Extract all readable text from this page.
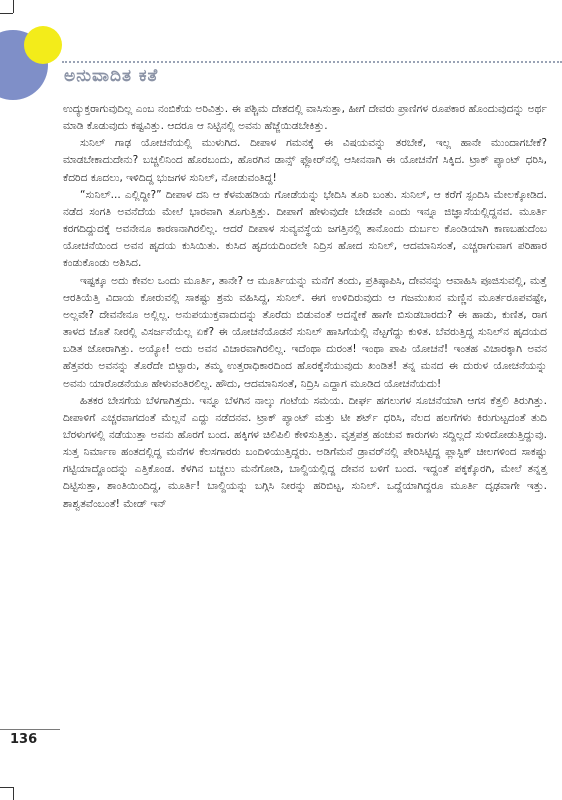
ಅನುವಾದಿತ ಕತೆ

ಉದ್ಯುಕ್ತರಾಗುವುದಿಲ್ಲ ಎಂಬ ನಂಬಿಕೆಯ ಅರಿವಿತ್ತು. ಈ ಪಶ್ಚಿಮ ದೇಶದಲ್ಲಿ ವಾಸಿಸುತ್ತಾ, ಹೀಗೆ ದೇವರು ಪ್ರಾಣಿಗಳ ರೂಪಕಾರ ಹೊಂದುವುದನ್ನು ಅರ್ಥ ಮಾಡಿ ಕೊಡುವುದು ಕಷ್ಟವಿತ್ತು. ಆದರೂ ಆ ನಿಟ್ಟಿನಲ್ಲಿ ಅವನು ಹೆಜ್ಜೆಯಿಡಬೇಕಿತ್ತು.

ಸುನಿಲ್ ಗಾಢ ಯೋಚನೆಯಲ್ಲಿ ಮುಳುಗಿದ. ದೀಪಾಳ ಗಮನಕ್ಕೆ ಈ ವಿಷಯವನ್ನು ತರಬೇಕೆ, ಇಲ್ಲ ಹಾನೇ ಮುಂದಾಗಬೇಕೆ? ಮಾಡಬೇಕಾದುದೇನು? ಬಚ್ಚಲಿನಿಂದ ಹೊರಬಂದು, ಹೊರಗಿನ ಡಾನ್ಸ್ ಫ್ಲೋರ್‌ನಲ್ಲಿ ಆಸೀನನಾಗಿ ಈ ಯೋಚನೆಗೆ ಸಿಕ್ಕಿದ. ಟ್ರಾಕ್ ಪ್ಯಾಂಟ್ ಧರಿಸಿ, ಕೆದರಿದ ಕೂದಲು, ಇಳಿದಿದ್ದ ಭುಜಗಳ ಸುನಿಲ್, ನೋಡುವಂತಿದ್ದ!

“ಸುನಿಲ್... ಎಲ್ಲಿದ್ದೀ?” ದೀಪಾಳ ದನಿ ಆ ಕೆಳಮಹಡಿಯ ಗೋಡೆಯನ್ನು ಭೇದಿಸಿ ತೂರಿ ಬಂತು. ಸುನಿಲ್, ಆ ಕರೆಗೆ ಸ್ಪಂದಿಸಿ ಮೇಲಕ್ಕೋಡಿದ. ನಡೆದ ಸಂಗತಿ ಅವನೆದೆಯ ಮೇಲೆ ಭಾರವಾಗಿ ತೂಗುತ್ತಿತ್ತು. ದೀಪಾಗೆ ಹೇಳುವುದೇ ಬೇಡವೇ ಎಂದು ಇನ್ನೂ ಜಿಜ್ಞಾಸೆಯಲ್ಲಿದ್ದನವ. ಮೂರ್ತಿ ಕರಗದಿದ್ದುದಕ್ಕೆ ಅವನೇನೂ ಕಾರಣನಾಗಿರಲಿಲ್ಲ. ಆದರೆ ದೀಪಾಳ ಸುವ್ಯವಸ್ಥೆಯ ಜಗತ್ತಿನಲ್ಲಿ ತಾನೊಂದು ದುರ್ಬಲ ಕೊಂಡಿಯಾಗಿ ಕಾಣಬಹುದೆಂಬ ಯೋಚನೆಯಿಂದ ಅವನ ಹೃದಯ ಕುಸಿಯಿತು. ಕುಸಿದ ಹೃದಯದಿಂದಲೇ ನಿದ್ರಿಸ ಹೋದ ಸುನಿಲ್, ಆದಮಾನಿಸಂತೆ, ಎಚ್ಚರಾಗುವಾಗ ಪರಿಹಾರ ಕಂಡುಕೊಂಡು ಅಶಿಸಿದ.

ಇಷ್ಟಕ್ಕೂ ಅದು ಕೇವಲ ಒಂದು ಮೂರ್ತಿ, ತಾನೇ? ಆ ಮೂರ್ತಿಯನ್ನು ಮನೆಗೆ ತಂದು, ಪ್ರತಿಷ್ಠಾಪಿಸಿ, ದೇವನನ್ನು ಆವಾಹಿಸಿ ಪೂಜಿಸುವಲ್ಲಿ, ಮತ್ತೆ ಆರತಿಯೆತ್ತಿ ವಿದಾಯ ಕೋರುವಲ್ಲಿ ಸಾಕಷ್ಟು ಶ್ರಮ ವಹಿಸಿದ್ದ, ಸುನಿಲ್. ಈಗ ಉಳಿದಿರುವುದು ಆ ಗಜಮುಖನ ಮಣ್ಣಿನ ಮೂರ್ತರೂಪವಷ್ಟೇ, ಅಲ್ಲವೇ? ದೇವನೇನೂ ಅಲ್ಲಿಲ್ಲ. ಅನುಪಯುಕ್ತವಾದುದನ್ನು ತೊರೆದು ಬಿಡುವಂತೆ ಅದನ್ನೇಕೆ ಹಾಗೇ ಬಿಸುಡಬಾರದು? ಈ ಹಾಡು, ಕುಣಿತ, ರಾಗ ತಾಳದ ಜೊತೆ ನೀರಲ್ಲಿ ವಿಸರ್ಜನೆಯೆಲ್ಲ ಏಕೆ? ಈ ಯೋಚನೆಯೊಡನೆ ಸುನಿಲ್ ಹಾಸಿಗೆಯಲ್ಲಿ ನೆಟ್ಟಗೆದ್ದು ಕುಳಿತ. ಬೆವರುತ್ತಿದ್ದ ಸುನಿಲ್‌ನ ಹೃದಯದ ಬಡಿತ ಜೋರಾಗಿತ್ತು. ಅಯ್ಯೋ! ಅದು ಅವನ ವಿಚಾರವಾಗಿರಲಿಲ್ಲ. ಇದೆಂಥಾ ದುರಂತ! ಇಂಥಾ ಪಾಪಿ ಯೋಚನೆ! ಇಂತಹ ವಿಚಾರಕ್ಕಾಗಿ ಅವನ ಹೆತ್ತವರು ಅವನನ್ನು ತೊರೆದೇ ಬಿಟ್ಟಾರು, ತಮ್ಮ ಉತ್ತರಾಧಿಕಾರದಿಂದ ಹೊರಕ್ಕೆಸೆಯುವುದು ಖಂಡಿತ! ತನ್ನ ಮನದ ಈ ದುರುಳ ಯೋಚನೆಯನ್ನು ಅವನು ಯಾರೊಡನೆಯೂ ಹೇಳುವಂತಿರಲಿಲ್ಲ. ಹೌದು, ಆದಮಾನಿಸಂತೆ, ನಿದ್ರಿಸಿ ಎದ್ದಾಗ ಮೂಡಿದ ಯೋಚನೆಯದು!

ಹಿತಕರ ಬೇಸಗೆಯ ಬೆಳಗಾಗಿತ್ತದು. ಇನ್ನೂ ಬೆಳಗಿನ ನಾಲ್ಕು ಗಂಟೆಯ ಸಮಯ. ದೀರ್ಘ ಹಗಲುಗಳ ಸೂಚನೆಯಾಗಿ ಆಗಸ ಕೆತ್ತಲಿ ತಿರುಗಿತ್ತು. ದೀಪಾಳಿಗೆ ಎಚ್ಚರವಾಗದಂತೆ ಮೆಲ್ಲನೆ ಎದ್ದು ನಡೆದನವ. ಟ್ರಾಕ್ ಪ್ಯಾಂಟ್ ಮತ್ತು ಟೀ ಶರ್ಟ್ ಧರಿಸಿ, ನೆಲದ ಹಲಗೆಗಳು ಕಿರುಗುಟ್ಟದಂತೆ ತುದಿ ಬೆರಳುಗಳಲ್ಲಿ ನಡೆಯುತ್ತಾ ಅವನು ಹೊರಗೆ ಬಂದ. ಹಕ್ಕಿಗಳ ಚಿಲಿಪಿಲಿ ಕೇಳಿಸುತ್ತಿತ್ತು. ವೃತ್ತಪತ್ರ ಹಂಚುವ ಕಾರುಗಳು ಸದ್ದಿಲ್ಲದೆ ಸುಳಿದೋಡುತ್ತಿದ್ದುವು. ಸುತ್ತ ನಿರ್ಮಾಣ ಹಂತದಲ್ಲಿದ್ದ ಮನೆಗಳ ಕೆಲಸಗಾರರು ಬಂದಿಳಿಯುತ್ತಿದ್ದರು. ಅಡಿಗೆಮನೆ ಡ್ರಾವರ್‌ನಲ್ಲಿ ಪೇರಿಸಿಟ್ಟಿದ್ದ ಪ್ಲಾಸ್ಟಿಕ್ ಚೀಲಗಳಿಂದ ಸಾಕಷ್ಟು ಗಟ್ಟಿಯಾದ್ದೊಂದನ್ನು ಎತ್ತಿಕೊಂಡ. ಕೆಳಗಿನ ಬಚ್ಚಲು ಮನೆಗೋಡಿ, ಬಾಲ್ದಿಯಲ್ಲಿದ್ದ ದೇವನ ಬಳಿಗೆ ಬಂದ. ಇದ್ದಂತೆ ಪಕ್ಕಕ್ಕೊರಗಿ, ಮೇಲೆ ತನ್ನತ್ತ ದಿಟ್ಟಿಸುತ್ತಾ, ಶಾಂತಿಯಿಂದಿದ್ದ, ಮೂರ್ತಿ! ಬಾಲ್ದಿಯನ್ನು ಬಗ್ಗಿಸಿ ನೀರನ್ನು ಹರಿಬಿಟ್ಟ, ಸುನಿಲ್. ಒದ್ದೆಯಾಗಿದ್ದರೂ ಮೂರ್ತಿ ದೃಢವಾಗೇ ಇತ್ತು. ಶಾಶ್ವತವೆಂಬಂತೆ! ಮೇಡ್ ಇನ್

136
